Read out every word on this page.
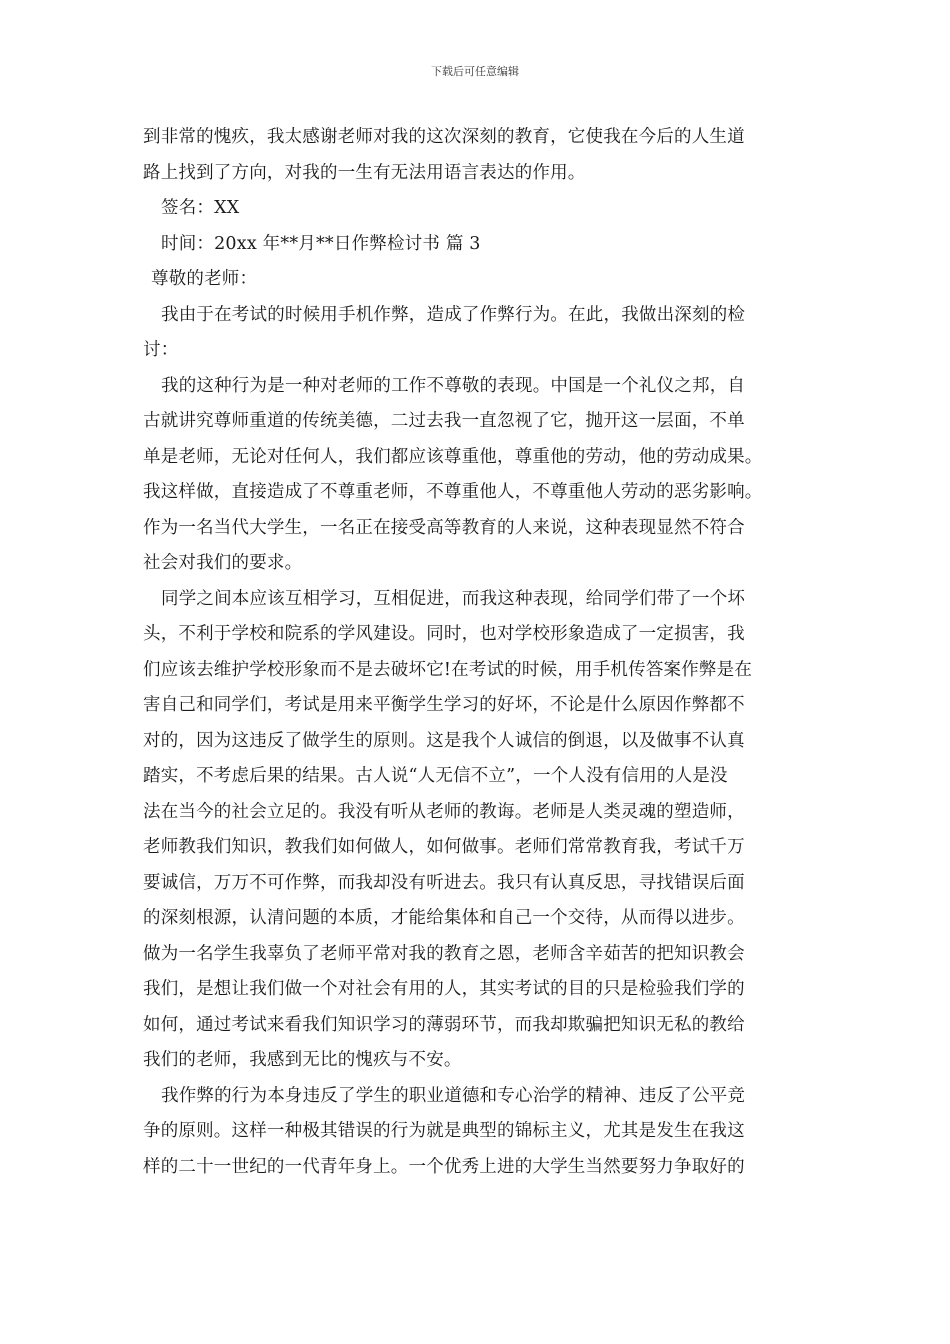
下载后可任意编辑
到非常的愧疚，我太感谢老师对我的这次深刻的教育，它使我在今后的人生道
路上找到了方向，对我的一生有无法用语言表达的作用。
签名：XX
时间：20xx 年**月**日作弊检讨书 篇 3
尊敬的老师：
我由于在考试的时候用手机作弊，造成了作弊行为。在此，我做出深刻的检
讨：
我的这种行为是一种对老师的工作不尊敬的表现。中国是一个礼仪之邦，自
古就讲究尊师重道的传统美德，二过去我一直忽视了它，抛开这一层面，不单
单是老师，无论对任何人，我们都应该尊重他，尊重他的劳动，他的劳动成果。
我这样做，直接造成了不尊重老师，不尊重他人，不尊重他人劳动的恶劣影响。
作为一名当代大学生，一名正在接受高等教育的人来说，这种表现显然不符合
社会对我们的要求。
同学之间本应该互相学习，互相促进，而我这种表现，给同学们带了一个坏
头，不利于学校和院系的学风建设。同时，也对学校形象造成了一定损害，我
们应该去维护学校形象而不是去破坏它!在考试的时候，用手机传答案作弊是在
害自己和同学们，考试是用来平衡学生学习的好坏，不论是什么原因作弊都不
对的，因为这违反了做学生的原则。这是我个人诚信的倒退，以及做事不认真
踏实，不考虑后果的结果。古人说“人无信不立”，一个人没有信用的人是没
法在当今的社会立足的。我没有听从老师的教诲。老师是人类灵魂的塑造师，
老师教我们知识，教我们如何做人，如何做事。老师们常常教育我，考试千万
要诚信，万万不可作弊，而我却没有听进去。我只有认真反思，寻找错误后面
的深刻根源，认清问题的本质，才能给集体和自己一个交待，从而得以进步。
做为一名学生我辜负了老师平常对我的教育之恩，老师含辛茹苦的把知识教会
我们，是想让我们做一个对社会有用的人，其实考试的目的只是检验我们学的
如何，通过考试来看我们知识学习的薄弱环节，而我却欺骗把知识无私的教给
我们的老师，我感到无比的愧疚与不安。
我作弊的行为本身违反了学生的职业道德和专心治学的精神、违反了公平竞
争的原则。这样一种极其错误的行为就是典型的锦标主义，尤其是发生在我这
样的二十一世纪的一代青年身上。一个优秀上进的大学生当然要努力争取好的
